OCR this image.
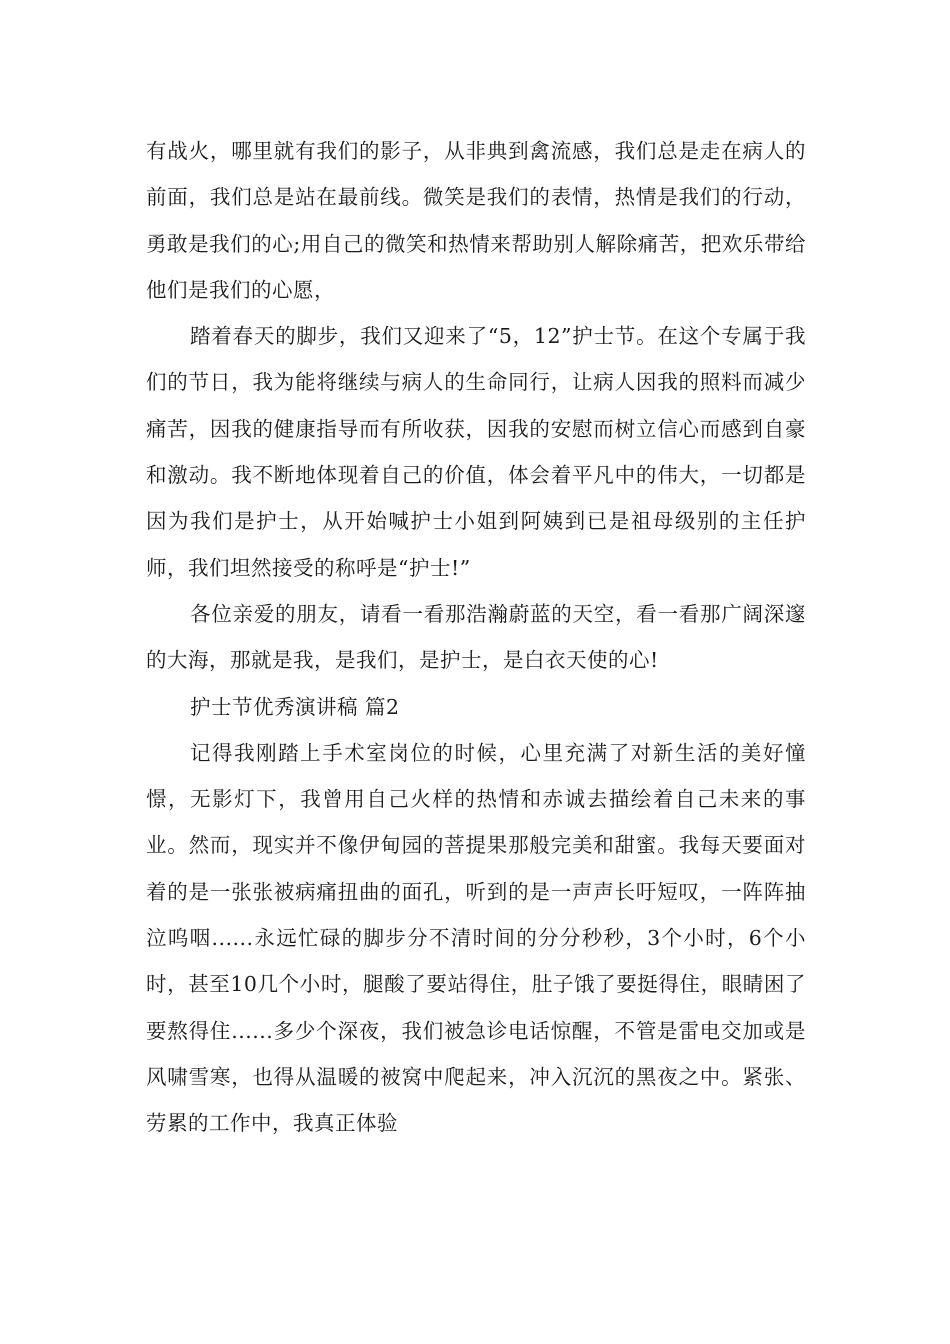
有战火，哪里就有我们的影子，从非典到禽流感，我们总是走在病人的前面，我们总是站在最前线。微笑是我们的表情，热情是我们的行动，勇敢是我们的心;用自己的微笑和热情来帮助别人解除痛苦，把欢乐带给他们是我们的心愿，

踏着春天的脚步，我们又迎来了“5，12”护士节。在这个专属于我们的节日，我为能将继续与病人的生命同行，让病人因我的照料而减少痛苦，因我的健康指导而有所收获，因我的安慰而树立信心而感到自豪和激动。我不断地体现着自己的价值，体会着平凡中的伟大，一切都是因为我们是护士，从开始喊护士小姐到阿姨到已是祖母级别的主任护师，我们坦然接受的称呼是“护士!”

各位亲爱的朋友，请看一看那浩瀚蔚蓝的天空，看一看那广阔深邃的大海，那就是我，是我们，是护士，是白衣天使的心!

护士节优秀演讲稿 篇2

记得我刚踏上手术室岗位的时候，心里充满了对新生活的美好憧憬，无影灯下，我曾用自己火样的热情和赤诚去描绘着自己未来的事业。然而，现实并不像伊甸园的菩提果那般完美和甜蜜。我每天要面对着的是一张张被病痛扭曲的面孔，听到的是一声声长吁短叹，一阵阵抽泣呜咽......永远忙碌的脚步分不清时间的分分秒秒，3个小时，6个小时，甚至10几个小时，腿酸了要站得住，肚子饿了要挺得住，眼睛困了要熬得住......多少个深夜，我们被急诊电话惊醒，不管是雷电交加或是风啸雪寒，也得从温暖的被窝中爬起来，冲入沉沉的黑夜之中。紧张、劳累的工作中，我真正体验
